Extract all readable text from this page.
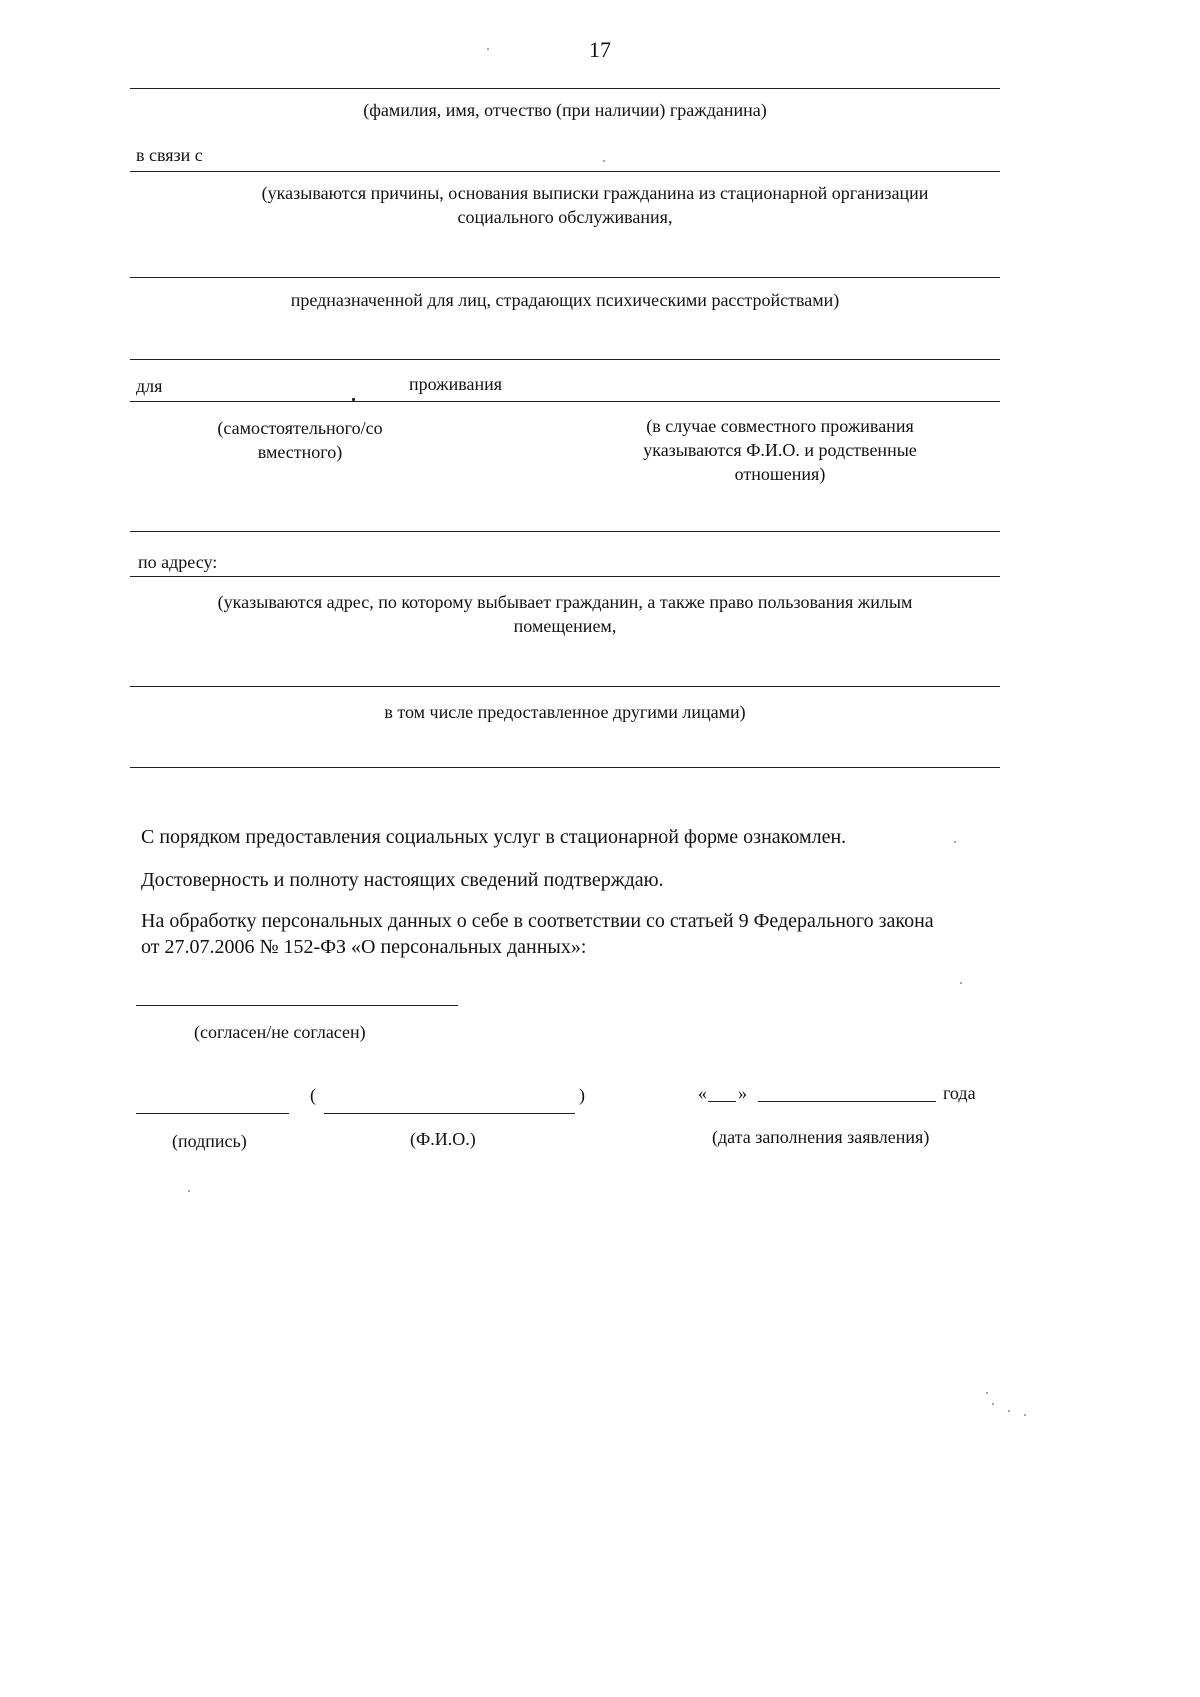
17
(фамилия, имя, отчество (при наличии) гражданина)
в связи с
(указываются причины, основания выписки гражданина из стационарной организации
социального обслуживания,
предназначенной для лиц, страдающих психическими расстройствами)
для	проживания
(самостоятельного/со
вместного)
(в случае совместного проживания
указываются Ф.И.О. и родственные
отношения)
по адресу:
(указываются адрес, по которому выбывает гражданин, а также право пользования жилым
помещением,
в том числе предоставленное другими лицами)
С порядком предоставления социальных услуг в стационарной форме ознакомлен.
Достоверность и полноту настоящих сведений подтверждаю.
На обработку персональных данных о себе в соответствии со статьей 9 Федерального закона
от 27.07.2006 № 152-ФЗ «О персональных данных»:
(согласен/не согласен)
(	)	« »	года
(подпись)	(Ф.И.О.)	(дата заполнения заявления)
